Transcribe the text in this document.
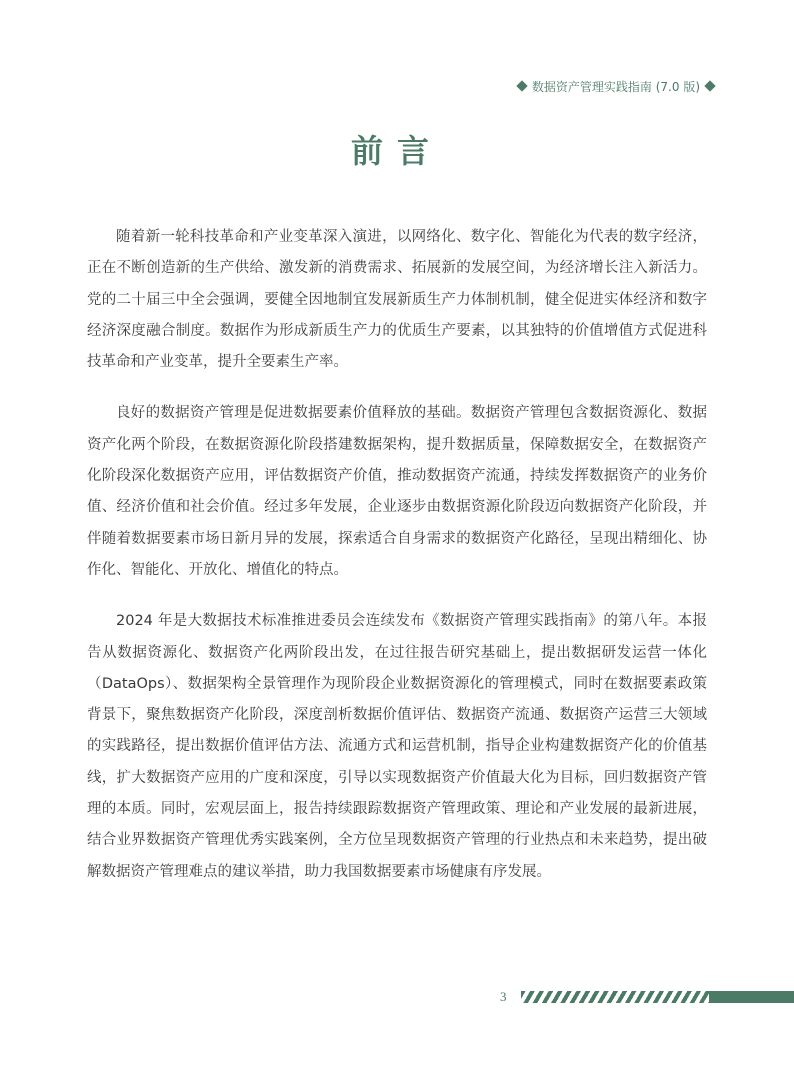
数据资产管理实践指南 (7.0 版)
前言

随着新一轮科技革命和产业变革深入演进，以网络化、数字化、智能化为代表的数字经济，正在不断创造新的生产供给、激发新的消费需求、拓展新的发展空间，为经济增长注入新活力。党的二十届三中全会强调，要健全因地制宜发展新质生产力体制机制，健全促进实体经济和数字经济深度融合制度。数据作为形成新质生产力的优质生产要素，以其独特的价值增值方式促进科技革命和产业变革，提升全要素生产率。

良好的数据资产管理是促进数据要素价值释放的基础。数据资产管理包含数据资源化、数据资产化两个阶段，在数据资源化阶段搭建数据架构，提升数据质量，保障数据安全，在数据资产化阶段深化数据资产应用，评估数据资产价值，推动数据资产流通，持续发挥数据资产的业务价值、经济价值和社会价值。经过多年发展，企业逐步由数据资源化阶段迈向数据资产化阶段，并伴随着数据要素市场日新月异的发展，探索适合自身需求的数据资产化路径，呈现出精细化、协作化、智能化、开放化、增值化的特点。

2024 年是大数据技术标准推进委员会连续发布《数据资产管理实践指南》的第八年。本报告从数据资源化、数据资产化两阶段出发，在过往报告研究基础上，提出数据研发运营一体化（DataOps）、数据架构全景管理作为现阶段企业数据资源化的管理模式，同时在数据要素政策背景下，聚焦数据资产化阶段，深度剖析数据价值评估、数据资产流通、数据资产运营三大领域的实践路径，提出数据价值评估方法、流通方式和运营机制，指导企业构建数据资产化的价值基线，扩大数据资产应用的广度和深度，引导以实现数据资产价值最大化为目标，回归数据资产管理的本质。同时，宏观层面上，报告持续跟踪数据资产管理政策、理论和产业发展的最新进展，结合业界数据资产管理优秀实践案例，全方位呈现数据资产管理的行业热点和未来趋势，提出破解数据资产管理难点的建议举措，助力我国数据要素市场健康有序发展。

3
